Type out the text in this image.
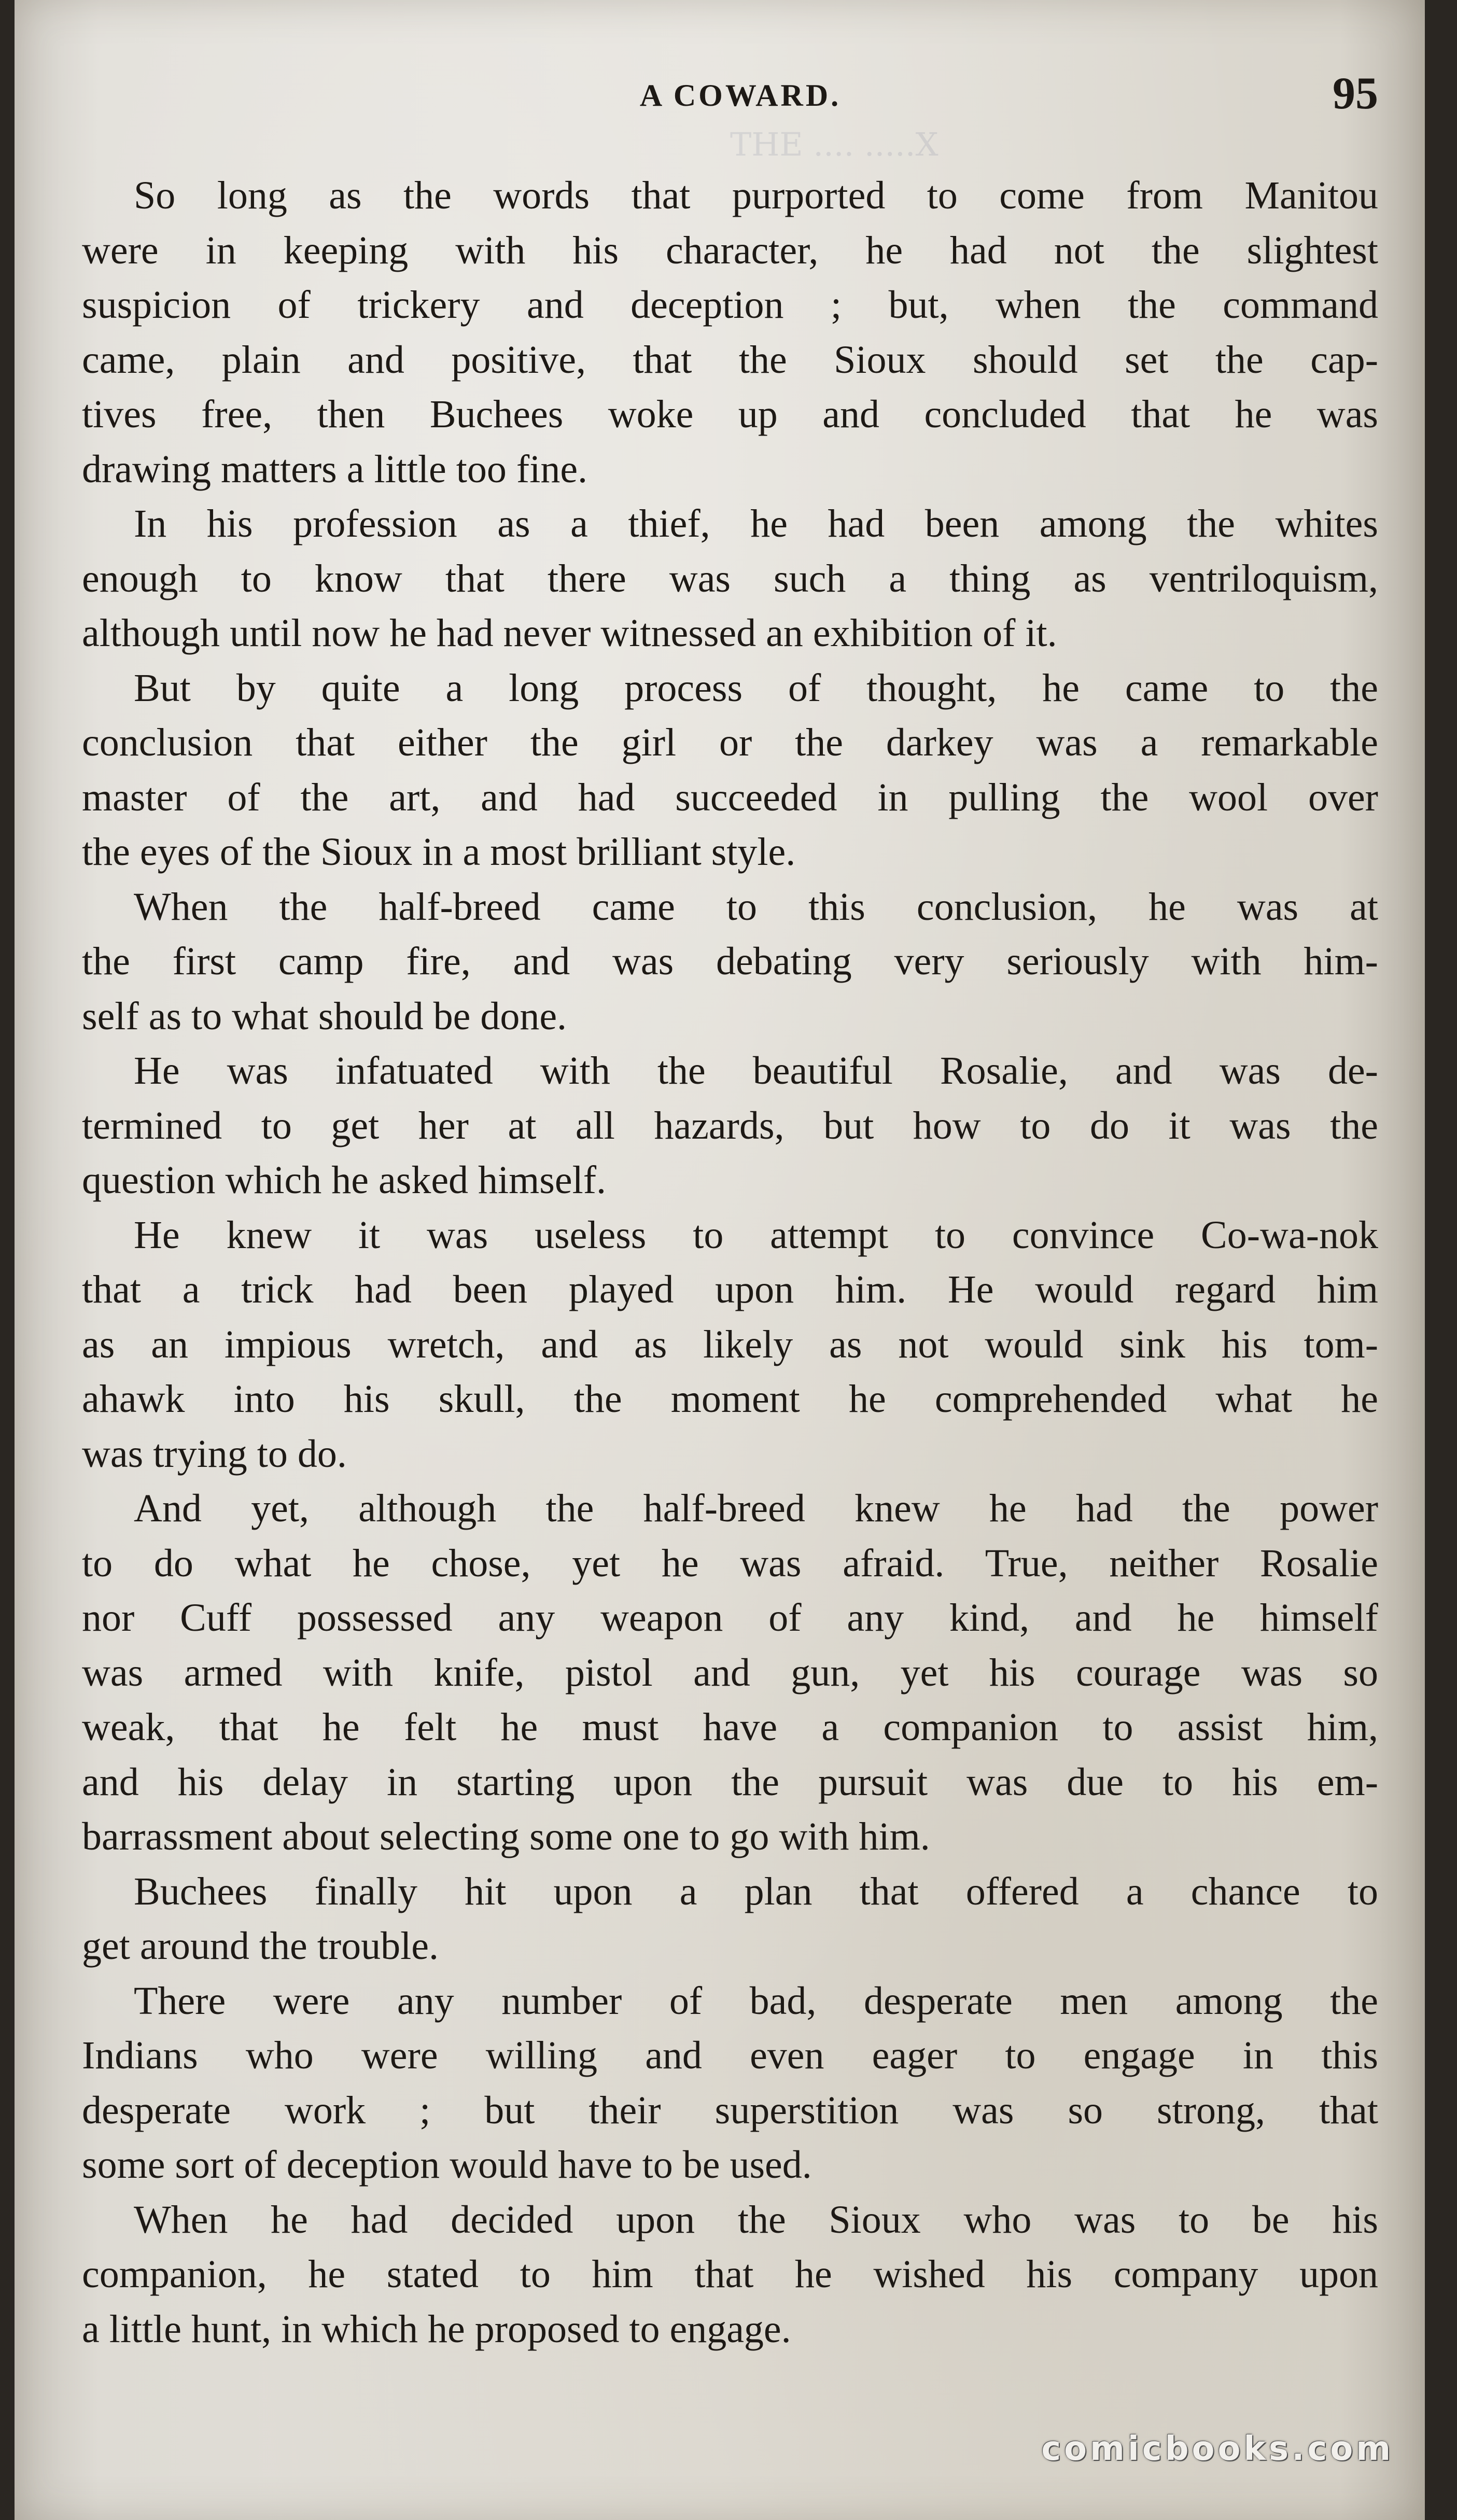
THE .... .....X
A COWARD.	95
So long as the words that purported to come from Manitou
were in keeping with his character, he had not the slightest
suspicion of trickery and deception ; but, when the command
came, plain and positive, that the Sioux should set the cap-
tives free, then Buchees woke up and concluded that he was
drawing matters a little too fine.
In his profession as a thief, he had been among the whites
enough to know that there was such a thing as ventriloquism,
although until now he had never witnessed an exhibition of it.
But by quite a long process of thought, he came to the
conclusion that either the girl or the darkey was a remarkable
master of the art, and had succeeded in pulling the wool over
the eyes of the Sioux in a most brilliant style.
When the half-breed came to this conclusion, he was at
the first camp fire, and was debating very seriously with him-
self as to what should be done.
He was infatuated with the beautiful Rosalie, and was de-
termined to get her at all hazards, but how to do it was the
question which he asked himself.
He knew it was useless to attempt to convince Co-wa-nok
that a trick had been played upon him. He would regard him
as an impious wretch, and as likely as not would sink his tom-
ahawk into his skull, the moment he comprehended what he
was trying to do.
And yet, although the half-breed knew he had the power
to do what he chose, yet he was afraid. True, neither Rosalie
nor Cuff possessed any weapon of any kind, and he himself
was armed with knife, pistol and gun, yet his courage was so
weak, that he felt he must have a companion to assist him,
and his delay in starting upon the pursuit was due to his em-
barrassment about selecting some one to go with him.
Buchees finally hit upon a plan that offered a chance to
get around the trouble.
There were any number of bad, desperate men among the
Indians who were willing and even eager to engage in this
desperate work ; but their superstition was so strong, that
some sort of deception would have to be used.
When he had decided upon the Sioux who was to be his
companion, he stated to him that he wished his company upon
a little hunt, in which he proposed to engage.
comicbooks.com
